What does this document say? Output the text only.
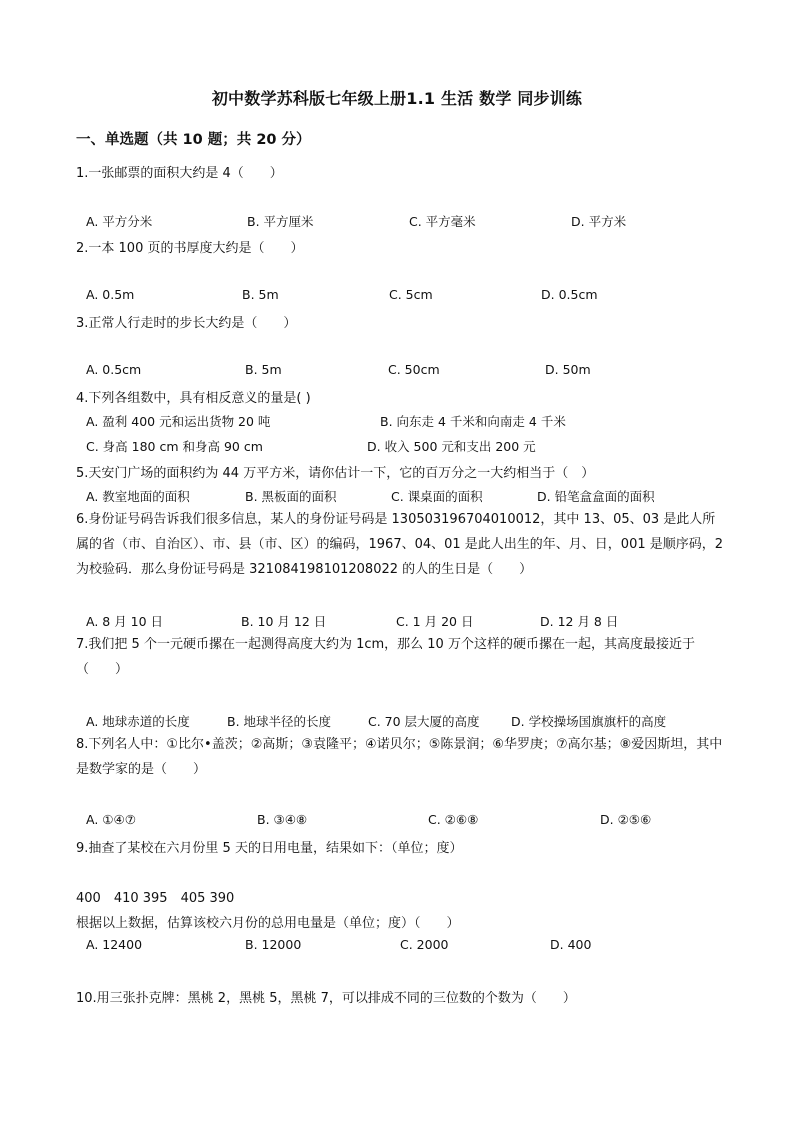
初中数学苏科版七年级上册1.1 生活 数学 同步训练
一、单选题（共 10 题；共 20 分）
1.一张邮票的面积大约是 4（　　）
A. 平方分米	B. 平方厘米	C. 平方毫米	D. 平方米
2.一本 100 页的书厚度大约是（　　）
A. 0.5m	B. 5m	C. 5cm	D. 0.5cm
3.正常人行走时的步长大约是（　　）
A. 0.5cm	B. 5m	C. 50cm	D. 50m
4.下列各组数中，具有相反意义的量是( )
A. 盈利 400 元和运出货物 20 吨	B. 向东走 4 千米和向南走 4 千米
C. 身高 180 cm 和身高 90 cm	D. 收入 500 元和支出 200 元
5.天安门广场的面积约为 44 万平方米，请你估计一下，它的百万分之一大约相当于（　）
A. 教室地面的面积	B. 黑板面的面积	C. 课桌面的面积	D. 铅笔盒盒面的面积
6.身份证号码告诉我们很多信息，某人的身份证号码是 130503196704010012，其中 13、05、03 是此人所属的省（市、自治区）、市、县（市、区）的编码，1967、04、01 是此人出生的年、月、日，001 是顺序码，2 为校验码．那么身份证号码是 321084198101208022 的人的生日是（　　）
A. 8 月 10 日	B. 10 月 12 日	C. 1 月 20 日	D. 12 月 8 日
7.我们把 5 个一元硬币摞在一起测得高度大约为 1cm，那么 10 万个这样的硬币摞在一起，其高度最接近于（　　）
A. 地球赤道的长度	B. 地球半径的长度	C. 70 层大厦的高度	D. 学校操场国旗旗杆的高度
8.下列名人中：①比尔•盖茨；②高斯；③袁隆平；④诺贝尔；⑤陈景润；⑥华罗庚；⑦高尔基；⑧爱因斯坦，其中是数学家的是（　　）
A. ①④⑦	B. ③④⑧	C. ②⑥⑧	D. ②⑤⑥
9.抽查了某校在六月份里 5 天的日用电量，结果如下：（单位；度）
400　410 395　405 390
根据以上数据，估算该校六月份的总用电量是（单位；度）（　　）
A. 12400	B. 12000	C. 2000	D. 400
10.用三张扑克牌：黑桃 2，黑桃 5，黑桃 7，可以排成不同的三位数的个数为（　　）
